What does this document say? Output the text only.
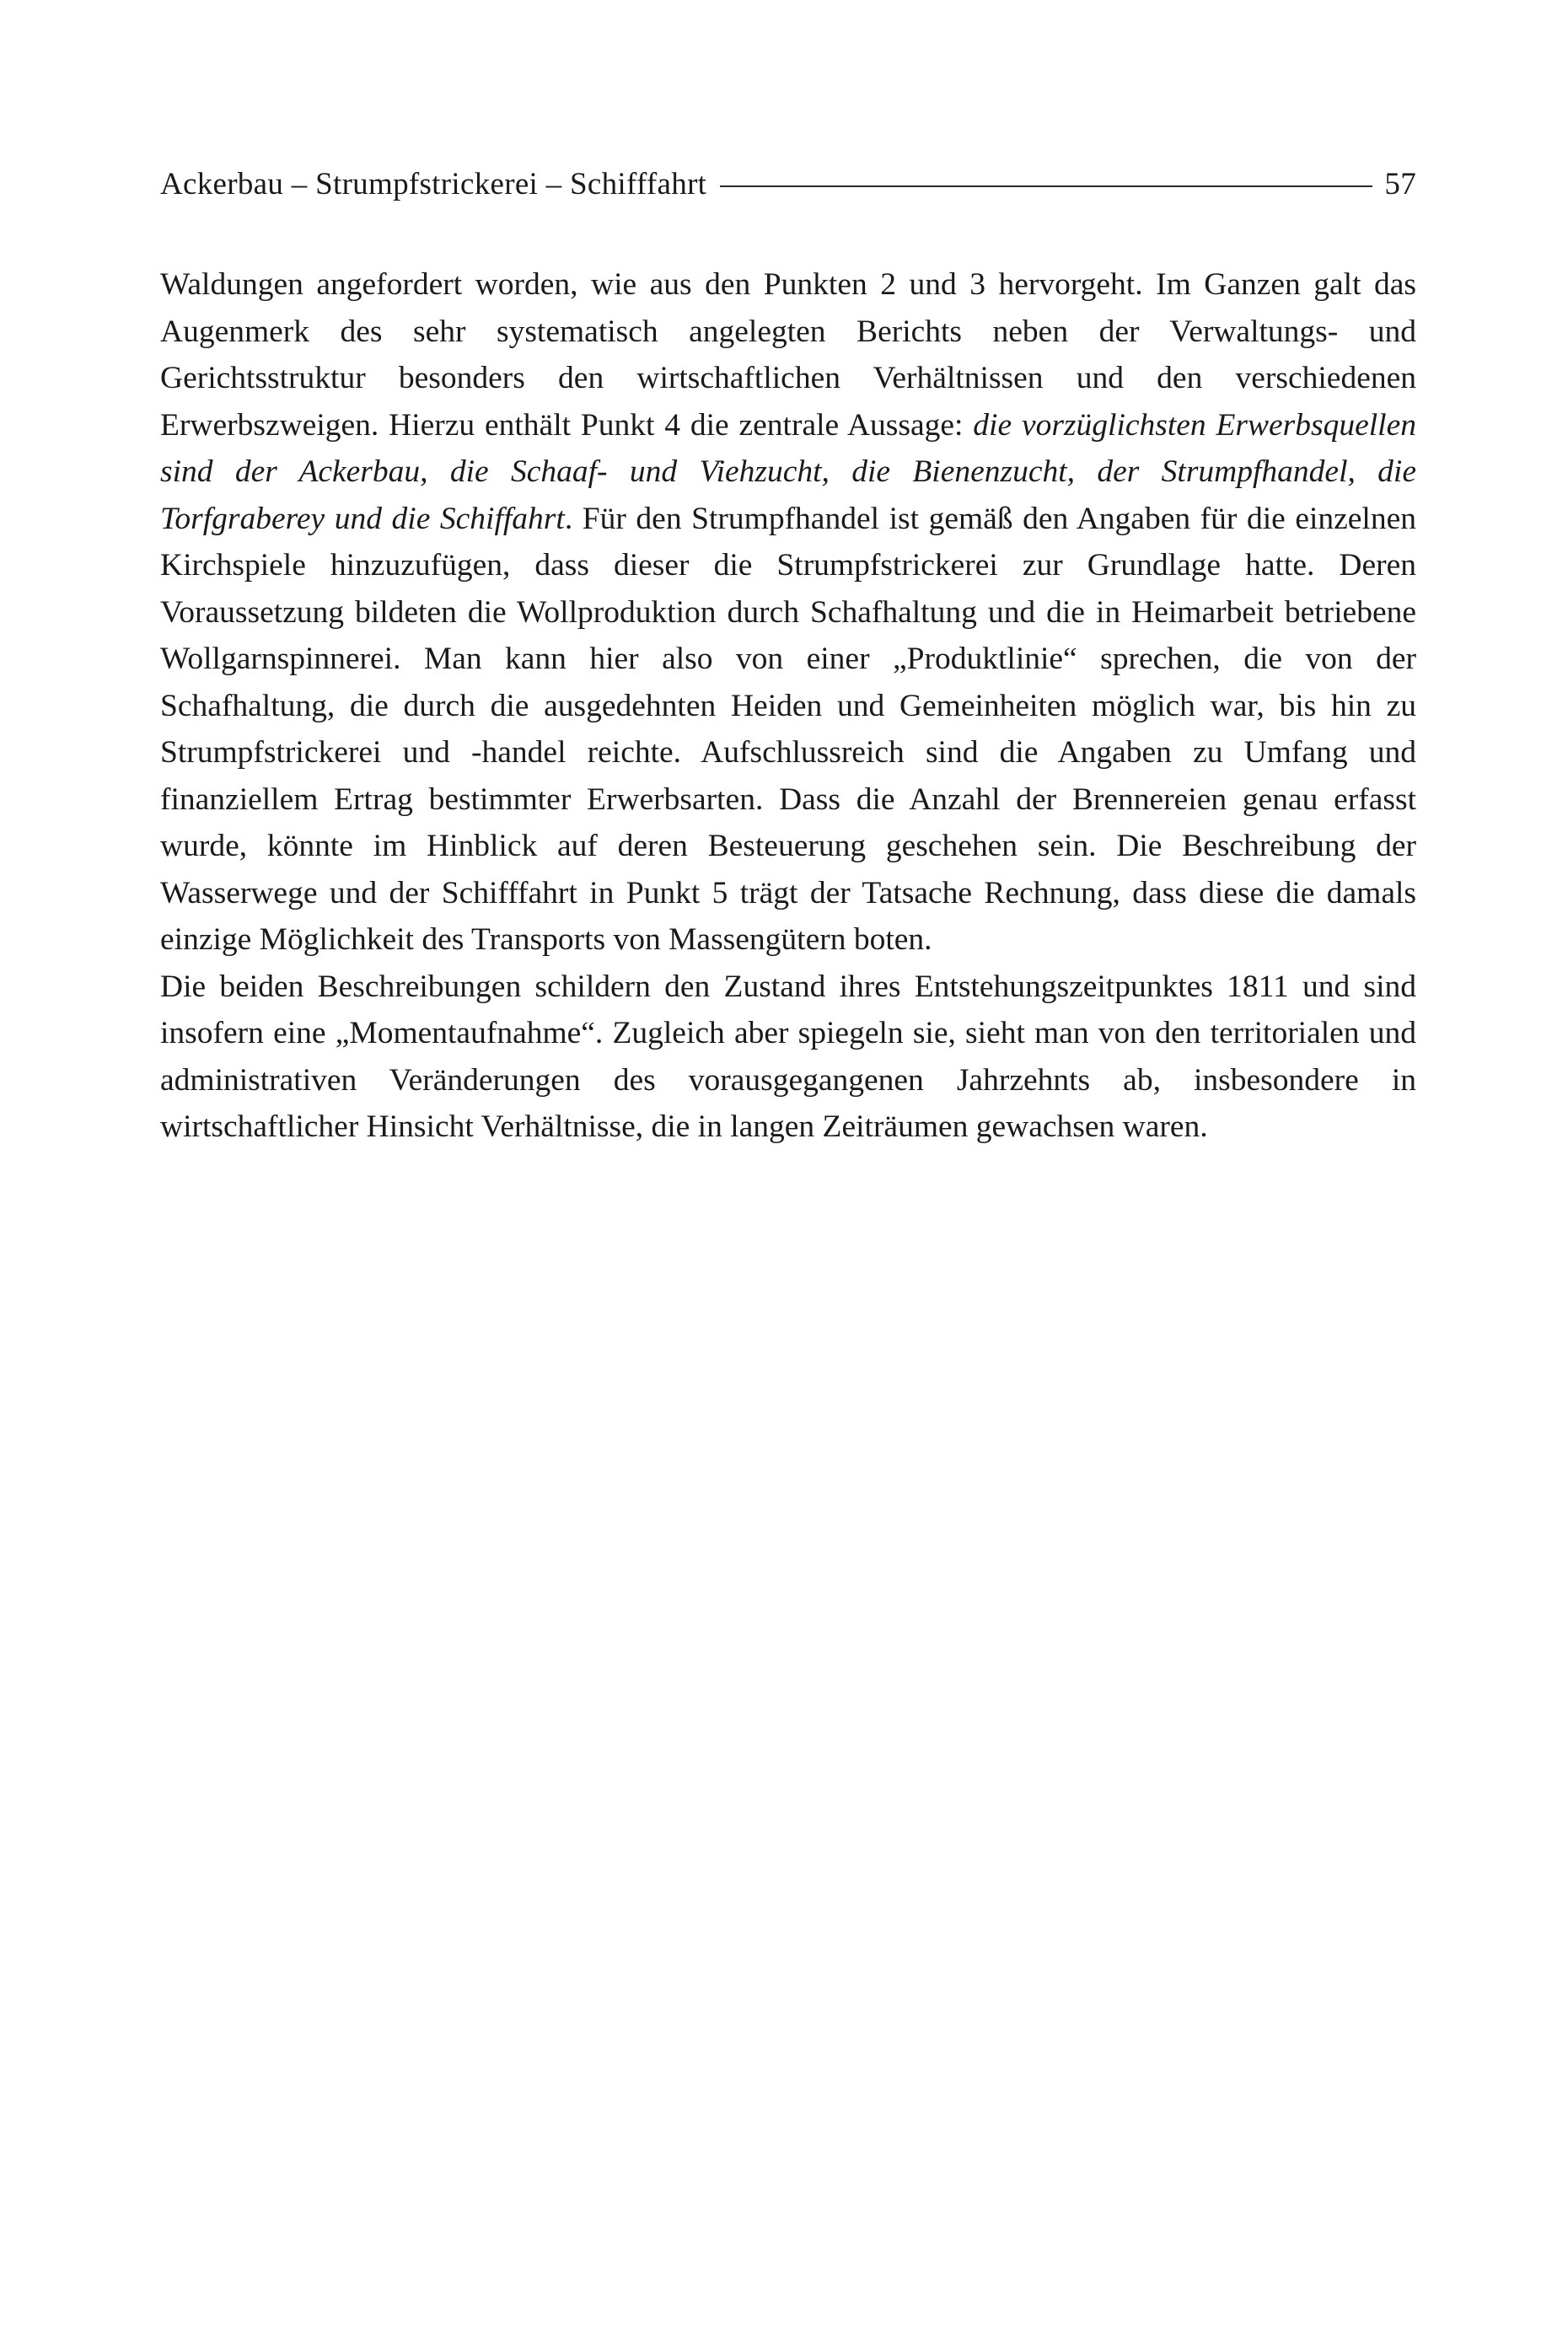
Ackerbau – Strumpfstrickerei – Schifffahrt	57

Waldungen angefordert worden, wie aus den Punkten 2 und 3 hervorgeht. Im Ganzen galt das Augenmerk des sehr systematisch angelegten Berichts neben der Verwaltungs- und Gerichtsstruktur besonders den wirtschaftlichen Verhältnissen und den verschiedenen Erwerbszweigen. Hierzu enthält Punkt 4 die zentrale Aussage: die vorzüglichsten Erwerbsquellen sind der Ackerbau, die Schaaf- und Viehzucht, die Bienenzucht, der Strumpfhandel, die Torfgraberey und die Schiffahrt. Für den Strumpfhandel ist gemäß den Angaben für die einzelnen Kirchspiele hinzuzufügen, dass dieser die Strumpfstrickerei zur Grundlage hatte. Deren Voraussetzung bildeten die Wollproduktion durch Schafhaltung und die in Heimarbeit betriebene Wollgarnspinnerei. Man kann hier also von einer „Produktlinie“ sprechen, die von der Schafhaltung, die durch die ausgedehnten Heiden und Gemeinheiten möglich war, bis hin zu Strumpfstrickerei und -handel reichte. Aufschlussreich sind die Angaben zu Umfang und finanziellem Ertrag bestimmter Erwerbsarten. Dass die Anzahl der Brennereien genau erfasst wurde, könnte im Hinblick auf deren Besteuerung geschehen sein. Die Beschreibung der Wasserwege und der Schifffahrt in Punkt 5 trägt der Tatsache Rechnung, dass diese die damals einzige Möglichkeit des Transports von Massengütern boten.

Die beiden Beschreibungen schildern den Zustand ihres Entstehungszeitpunktes 1811 und sind insofern eine „Momentaufnahme“. Zugleich aber spiegeln sie, sieht man von den territorialen und administrativen Veränderungen des vorausgegangenen Jahrzehnts ab, insbesondere in wirtschaftlicher Hinsicht Verhältnisse, die in langen Zeiträumen gewachsen waren.
